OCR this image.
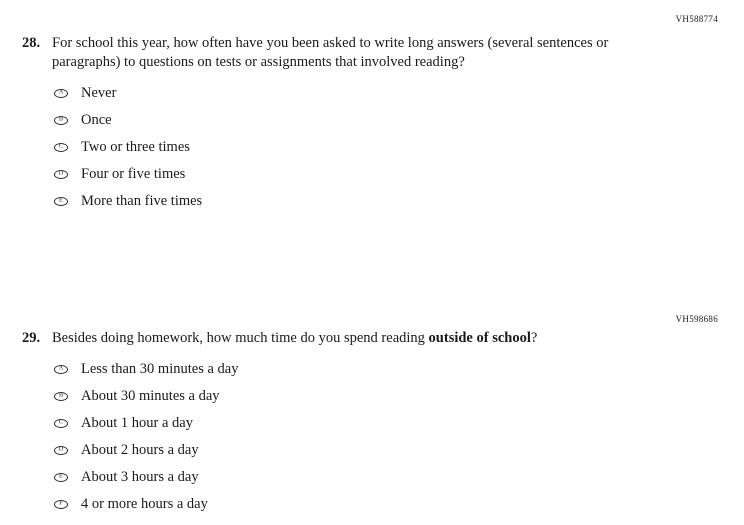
VH588774
VH598686
28. For school this year, how often have you been asked to write long answers (several sentences or paragraphs) to questions on tests or assignments that involved reading?
A Never
B Once
C Two or three times
D Four or five times
E More than five times
29. Besides doing homework, how much time do you spend reading outside of school?
A Less than 30 minutes a day
B About 30 minutes a day
C About 1 hour a day
D About 2 hours a day
E About 3 hours a day
F 4 or more hours a day
